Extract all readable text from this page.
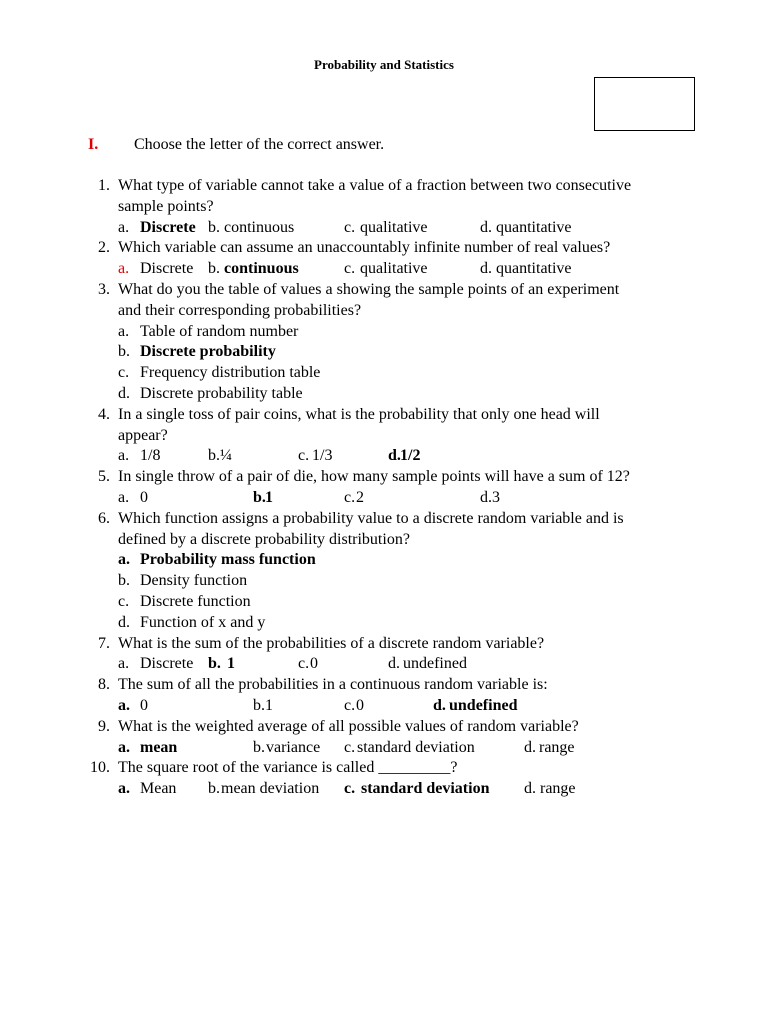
Probability and Statistics
I. Choose the letter of the correct answer.
1. What type of variable cannot take a value of a fraction between two consecutive
sample points?
a. Discrete b. continuous	c. qualitative	d. quantitative
2. Which variable can assume an unaccountably infinite number of real values?
a. Discrete b. continuous	c. qualitative	d. quantitative
3. What do you the table of values a showing the sample points of an experiment
and their corresponding probabilities?
a. Table of random number
b. Discrete probability
c. Frequency distribution table
d. Discrete probability table
4. In a single toss of pair coins, what is the probability that only one head will
appear?
a. 1/8	b. ¼	c. 1/3	d. 1/2
5. In single throw of a pair of die, how many sample points will have a sum of 12?
a. 0	b. 1	c. 2	d. 3
6. Which function assigns a probability value to a discrete random variable and is
defined by a discrete probability distribution?
a. Probability mass function
b. Density function
c. Discrete function
d. Function of x and y
7. What is the sum of the probabilities of a discrete random variable?
a. Discrete b. 1	c. 0	d. undefined
8. The sum of all the probabilities in a continuous random variable is:
a. 0	b. 1	c. 0	d. undefined
9. What is the weighted average of all possible values of random variable?
a. mean	b. variance c. standard deviation	d. range
10. The square root of the variance is called _________?
a. Mean b. mean deviation c. standard deviation d. range
